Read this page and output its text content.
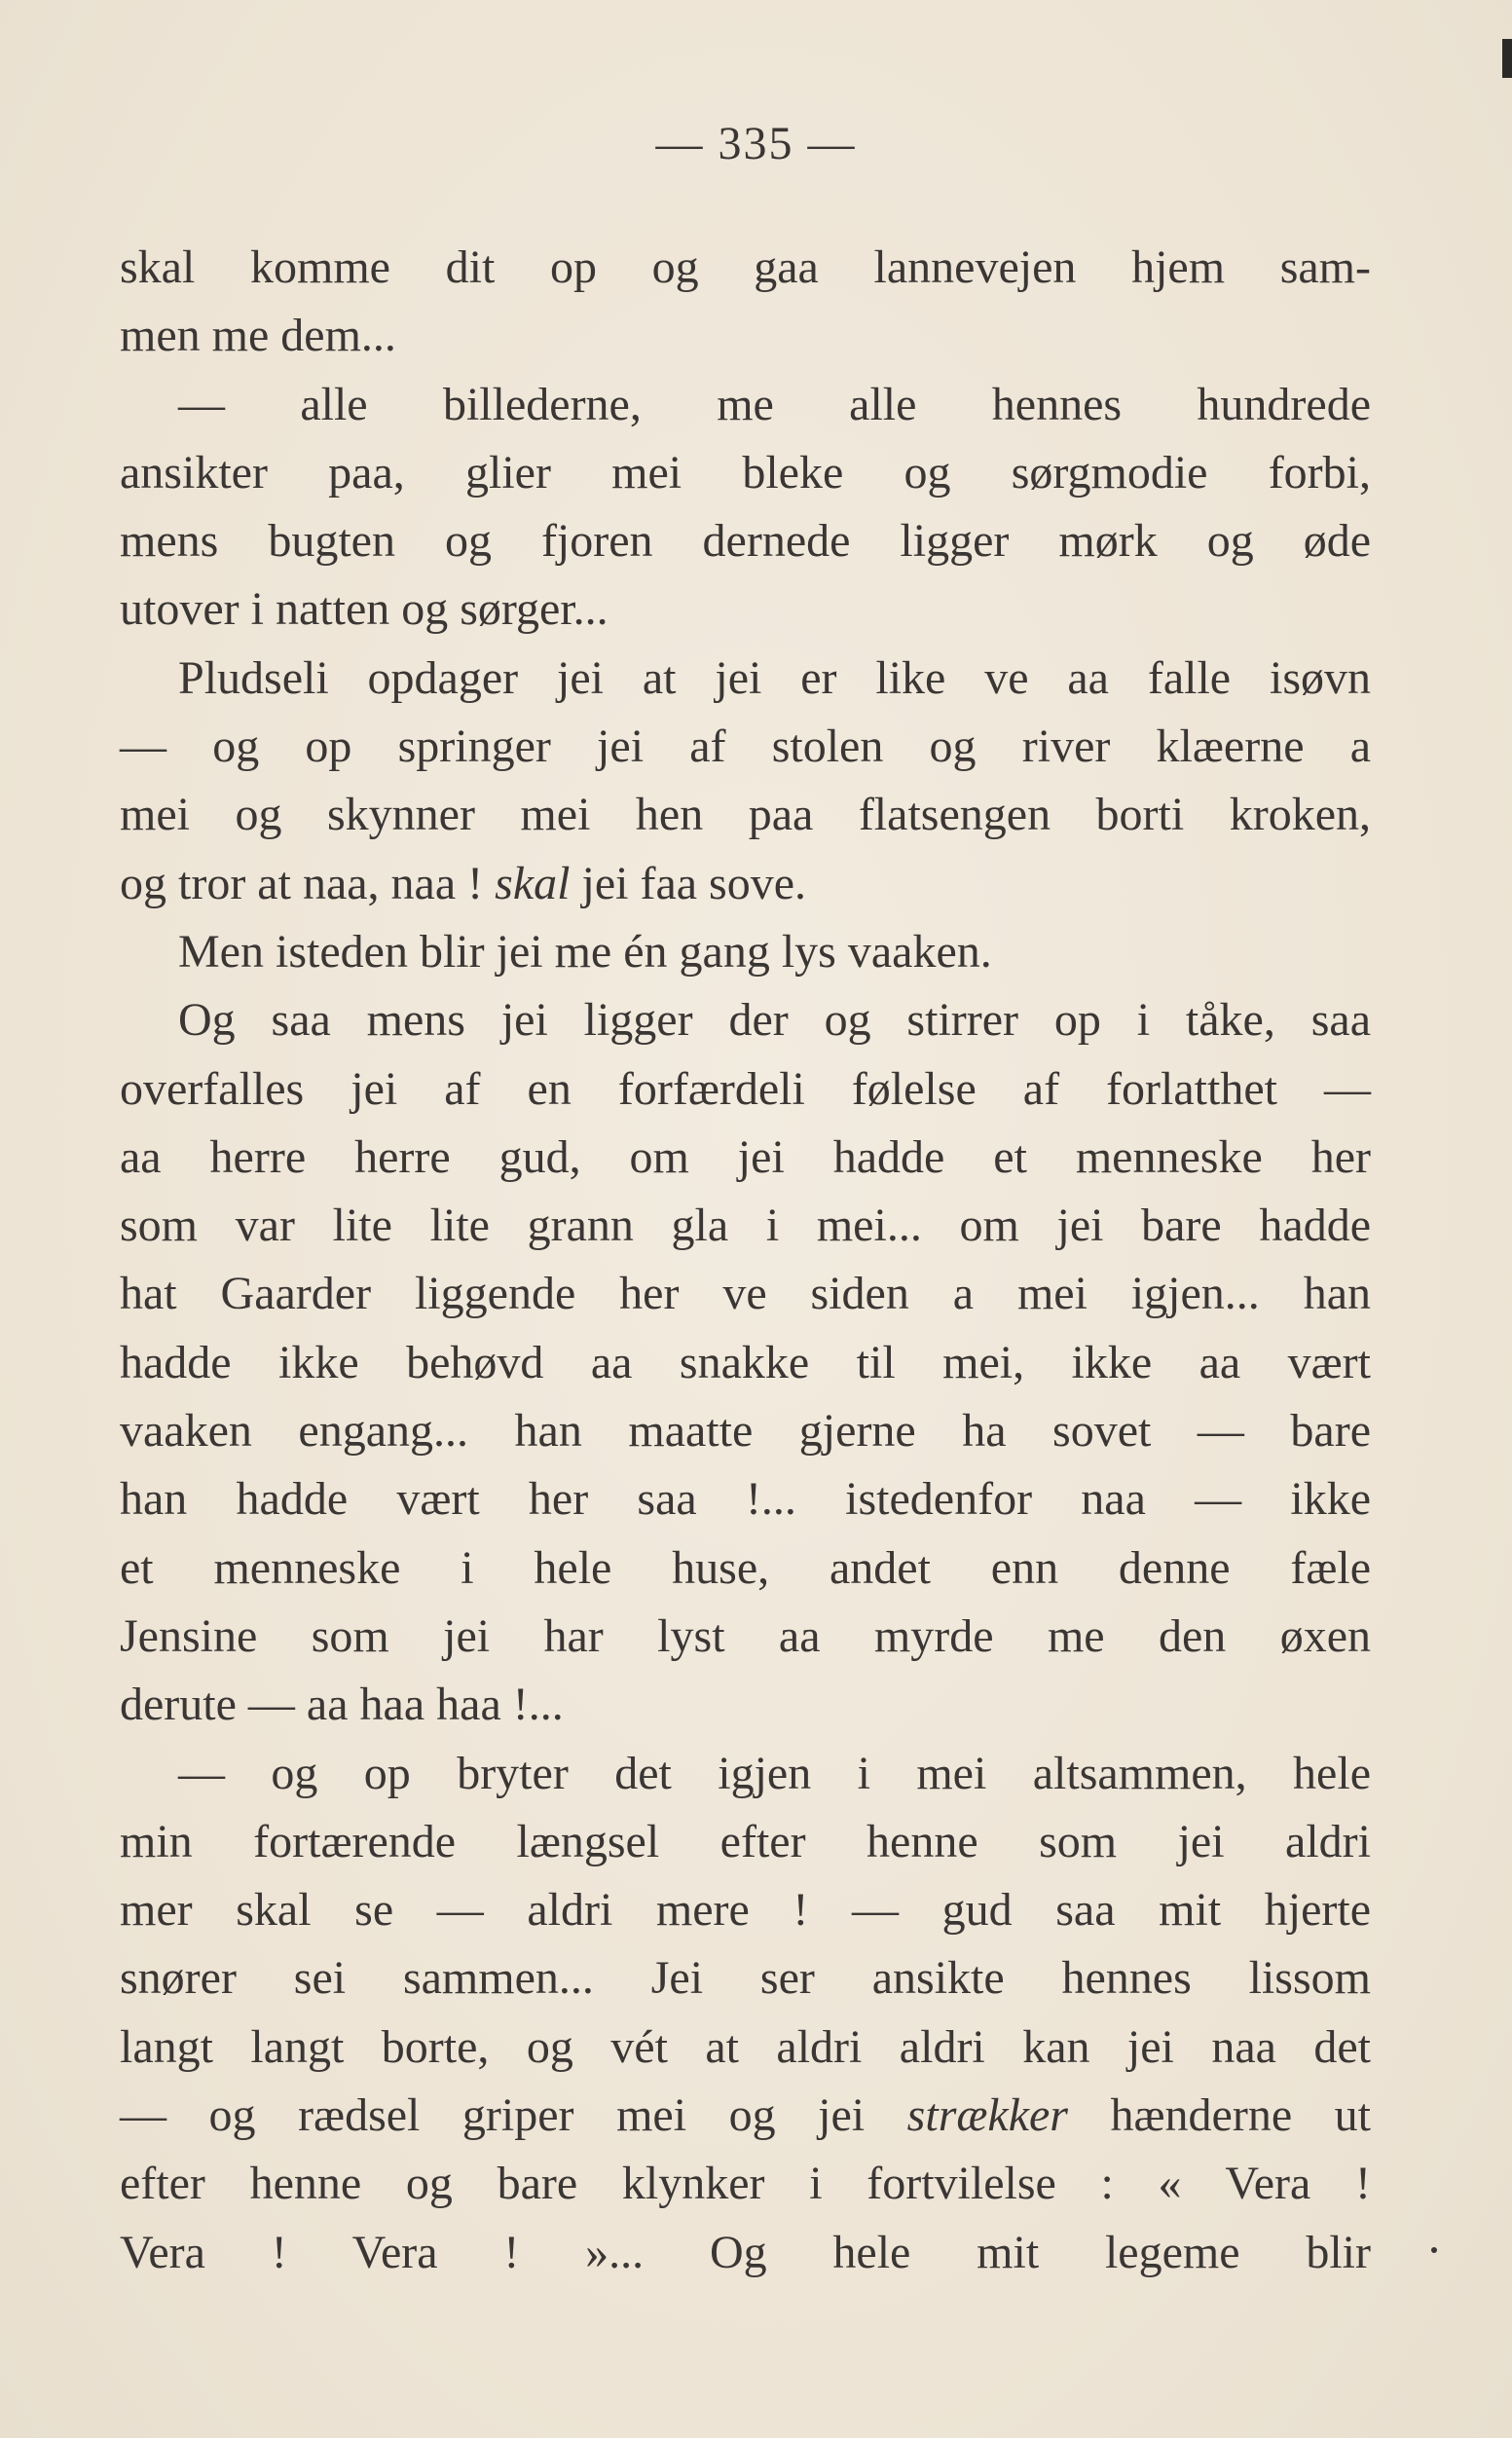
— 335 —
skal komme dit op og gaa lannevejen hjem sam-
men me dem...
— alle billederne, me alle hennes hundrede
ansikter paa, glier mei bleke og sørgmodie forbi,
mens bugten og fjoren dernede ligger mørk og øde
utover i natten og sørger...
Pludseli opdager jei at jei er like ve aa falle isøvn
— og op springer jei af stolen og river klæerne a
mei og skynner mei hen paa flatsengen borti kroken,
og tror at naa, naa ! skal jei faa sove.
Men isteden blir jei me én gang lys vaaken.
Og saa mens jei ligger der og stirrer op i tåke, saa
overfalles jei af en forfærdeli følelse af forlatthet —
aa herre herre gud, om jei hadde et menneske her
som var lite lite grann gla i mei... om jei bare hadde
hat Gaarder liggende her ve siden a mei igjen... han
hadde ikke behøvd aa snakke til mei, ikke aa vært
vaaken engang... han maatte gjerne ha sovet — bare
han hadde vært her saa !... istedenfor naa — ikke
et menneske i hele huse, andet enn denne fæle
Jensine som jei har lyst aa myrde me den øxen
derute — aa haa haa !...
— og op bryter det igjen i mei altsammen, hele
min fortærende længsel efter henne som jei aldri
mer skal se — aldri mere ! — gud saa mit hjerte
snører sei sammen... Jei ser ansikte hennes lissom
langt langt borte, og vét at aldri aldri kan jei naa det
— og rædsel griper mei og jei strækker hænderne ut
efter henne og bare klynker i fortvilelse : « Vera !
Vera ! Vera ! »... Og hele mit legeme blir
